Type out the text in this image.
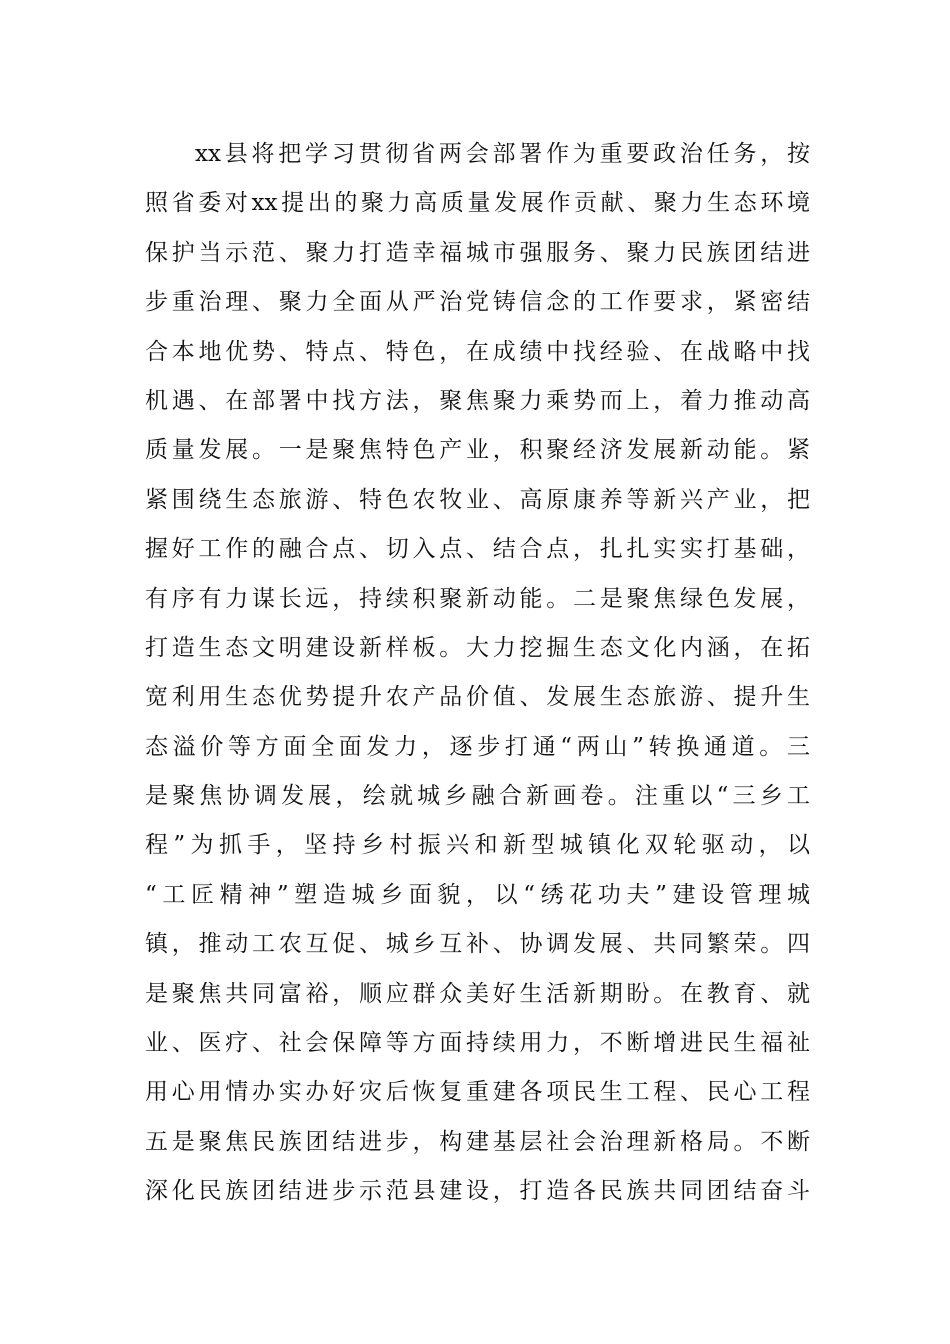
xx县将把学习贯彻省两会部署作为重要政治任务，按
照省委对xx提出的聚力高质量发展作贡献、聚力生态环境
保护当示范、聚力打造幸福城市强服务、聚力民族团结进
步重治理、聚力全面从严治党铸信念的工作要求，紧密结
合本地优势、特点、特色，在成绩中找经验、在战略中找
机遇、在部署中找方法，聚焦聚力乘势而上，着力推动高
质量发展。一是聚焦特色产业，积聚经济发展新动能。紧
紧围绕生态旅游、特色农牧业、高原康养等新兴产业，把
握好工作的融合点、切入点、结合点，扎扎实实打基础，
有序有力谋长远，持续积聚新动能。二是聚焦绿色发展，
打造生态文明建设新样板。大力挖掘生态文化内涵，在拓
宽利用生态优势提升农产品价值、发展生态旅游、提升生
态溢价等方面全面发力，逐步打通“两山”转换通道。三
是聚焦协调发展，绘就城乡融合新画卷。注重以“三乡工
程”为抓手，坚持乡村振兴和新型城镇化双轮驱动，以
“工匠精神”塑造城乡面貌，以“绣花功夫”建设管理城
镇，推动工农互促、城乡互补、协调发展、共同繁荣。四
是聚焦共同富裕，顺应群众美好生活新期盼。在教育、就
业、医疗、社会保障等方面持续用力，不断增进民生福祉
用心用情办实办好灾后恢复重建各项民生工程、民心工程
五是聚焦民族团结进步，构建基层社会治理新格局。不断
深化民族团结进步示范县建设，打造各民族共同团结奋斗
